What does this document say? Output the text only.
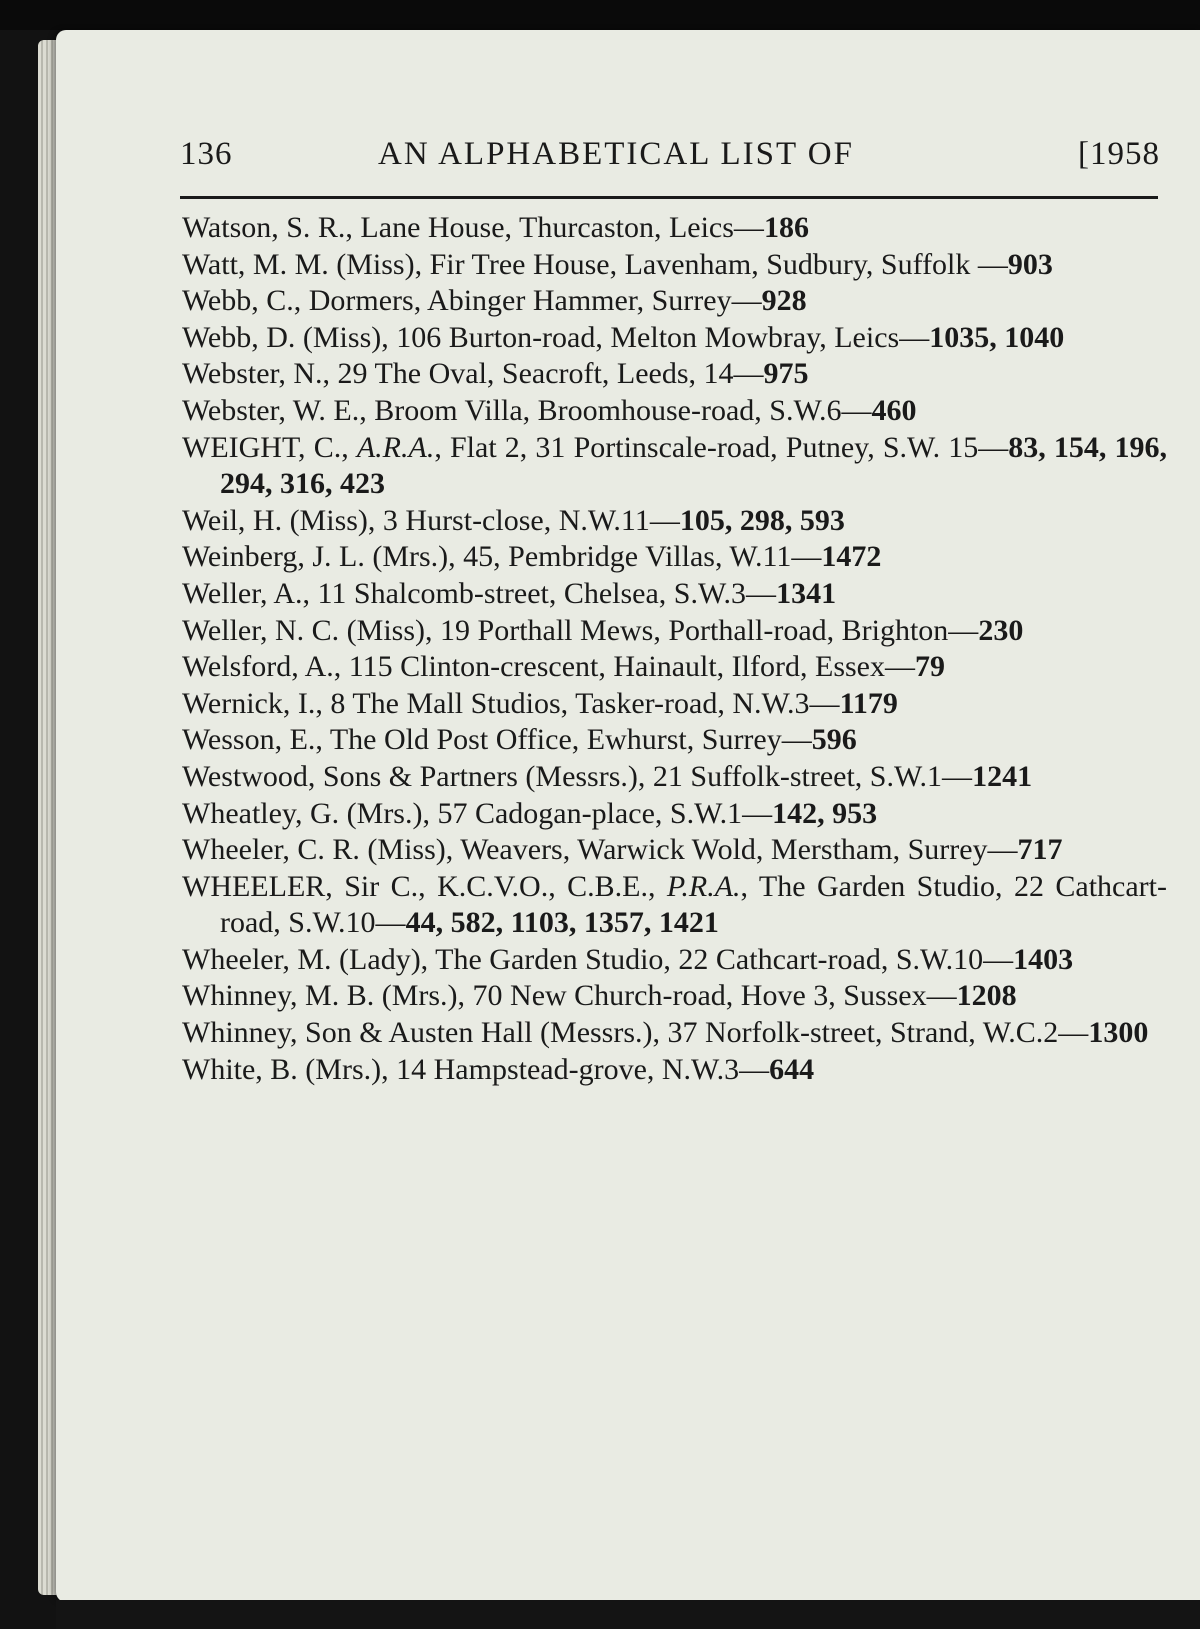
136	AN ALPHABETICAL LIST OF	[1958
Watson, S. R., Lane House, Thurcaston, Leics—186
Watt, M. M. (Miss), Fir Tree House, Lavenham, Sudbury, Suffolk —903
Webb, C., Dormers, Abinger Hammer, Surrey—928
Webb, D. (Miss), 106 Burton-road, Melton Mowbray, Leics—1035, 1040
Webster, N., 29 The Oval, Seacroft, Leeds, 14—975
Webster, W. E., Broom Villa, Broomhouse-road, S.W.6—460
WEIGHT, C., A.R.A., Flat 2, 31 Portinscale-road, Putney, S.W. 15—83, 154, 196, 294, 316, 423
Weil, H. (Miss), 3 Hurst-close, N.W.11—105, 298, 593
Weinberg, J. L. (Mrs.), 45, Pembridge Villas, W.11—1472
Weller, A., 11 Shalcomb-street, Chelsea, S.W.3—1341
Weller, N. C. (Miss), 19 Porthall Mews, Porthall-road, Brighton—230
Welsford, A., 115 Clinton-crescent, Hainault, Ilford, Essex—79
Wernick, I., 8 The Mall Studios, Tasker-road, N.W.3—1179
Wesson, E., The Old Post Office, Ewhurst, Surrey—596
Westwood, Sons & Partners (Messrs.), 21 Suffolk-street, S.W.1—1241
Wheatley, G. (Mrs.), 57 Cadogan-place, S.W.1—142, 953
Wheeler, C. R. (Miss), Weavers, Warwick Wold, Merstham, Surrey—717
WHEELER, Sir C., K.C.V.O., C.B.E., P.R.A., The Garden Studio, 22 Cathcart-road, S.W.10—44, 582, 1103, 1357, 1421
Wheeler, M. (Lady), The Garden Studio, 22 Cathcart-road, S.W.10—1403
Whinney, M. B. (Mrs.), 70 New Church-road, Hove 3, Sussex—1208
Whinney, Son & Austen Hall (Messrs.), 37 Norfolk-street, Strand, W.C.2—1300
White, B. (Mrs.), 14 Hampstead-grove, N.W.3—644
